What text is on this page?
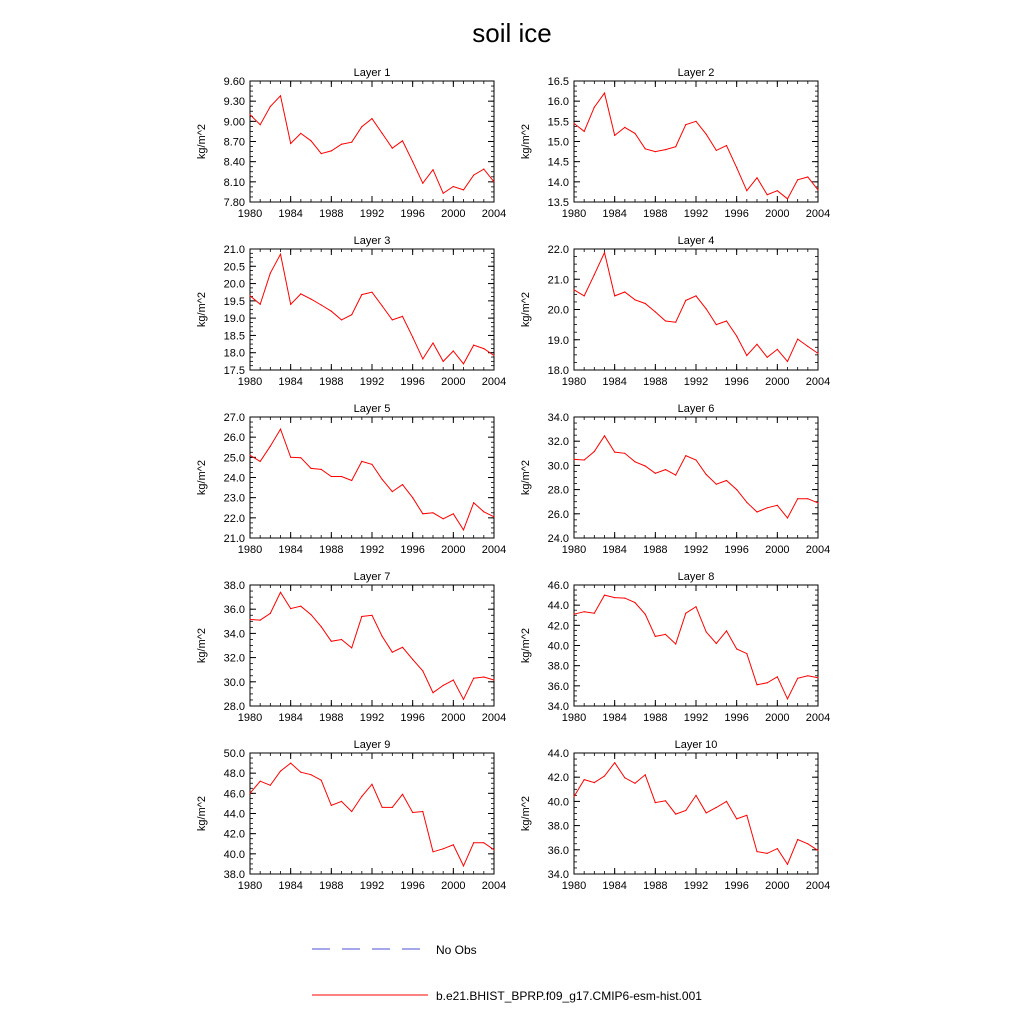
soil ice
Layer 1
1980 1984 1988 1992 1996 2000 2004
7.80
8.10
8.40
8.70
9.00
9.30
9.60
kg/m^2
Layer 2
1980 1984 1988 1992 1996 2000 2004
13.5
14.0
14.5
15.0
15.5
16.0
16.5
kg/m^2
Layer 3
1980 1984 1988 1992 1996 2000 2004
17.5
18.0
18.5
19.0
19.5
20.0
20.5
21.0
kg/m^2
Layer 4
1980 1984 1988 1992 1996 2000 2004
18.0
19.0
20.0
21.0
22.0
kg/m^2
Layer 5
1980 1984 1988 1992 1996 2000 2004
21.0
22.0
23.0
24.0
25.0
26.0
27.0
kg/m^2
Layer 6
1980 1984 1988 1992 1996 2000 2004
24.0
26.0
28.0
30.0
32.0
34.0
kg/m^2
Layer 7
1980 1984 1988 1992 1996 2000 2004
28.0
30.0
32.0
34.0
36.0
38.0
kg/m^2
Layer 8
1980 1984 1988 1992 1996 2000 2004
34.0
36.0
38.0
40.0
42.0
44.0
46.0
kg/m^2
Layer 9
1980 1984 1988 1992 1996 2000 2004
38.0
40.0
42.0
44.0
46.0
48.0
50.0
kg/m^2
Layer 10
1980 1984 1988 1992 1996 2000 2004
34.0
36.0
38.0
40.0
42.0
44.0
kg/m^2
No Obs
b.e21.BHIST_BPRP.f09_g17.CMIP6-esm-hist.001
